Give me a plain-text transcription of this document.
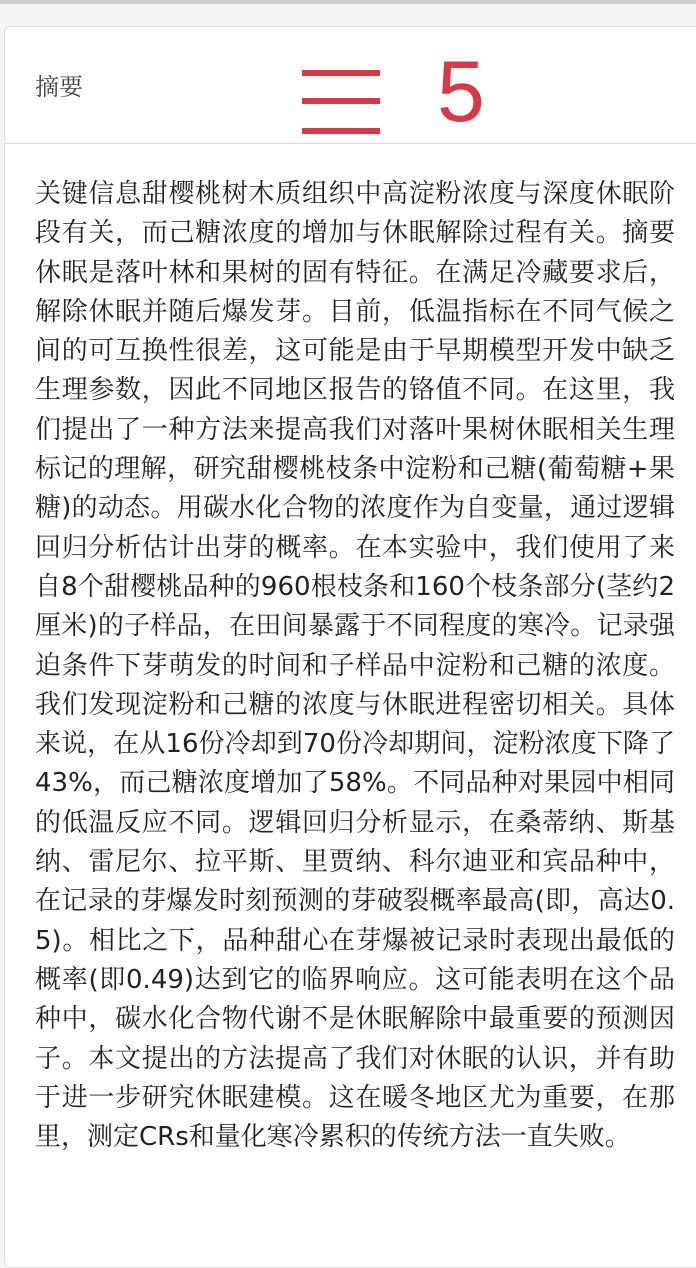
摘要	5
关键信息甜樱桃树木质组织中高淀粉浓度与深度休眠阶段有关，而己糖浓度的增加与休眠解除过程有关。摘要休眠是落叶林和果树的固有特征。在满足冷藏要求后，解除休眠并随后爆发芽。目前，低温指标在不同气候之间的可互换性很差，这可能是由于早期模型开发中缺乏生理参数，因此不同地区报告的铬值不同。在这里，我们提出了一种方法来提高我们对落叶果树休眠相关生理标记的理解，研究甜樱桃枝条中淀粉和己糖(葡萄糖+果糖)的动态。用碳水化合物的浓度作为自变量，通过逻辑回归分析估计出芽的概率。在本实验中，我们使用了来自8个甜樱桃品种的960根枝条和160个枝条部分(茎约2厘米)的子样品，在田间暴露于不同程度的寒冷。记录强迫条件下芽萌发的时间和子样品中淀粉和己糖的浓度。我们发现淀粉和己糖的浓度与休眠进程密切相关。具体来说，在从16份冷却到70份冷却期间，淀粉浓度下降了43%，而己糖浓度增加了58%。不同品种对果园中相同的低温反应不同。逻辑回归分析显示，在桑蒂纳、斯基纳、雷尼尔、拉平斯、里贾纳、科尔迪亚和宾品种中，在记录的芽爆发时刻预测的芽破裂概率最高(即，高达0.5)。相比之下，品种甜心在芽爆被记录时表现出最低的概率(即0.49)达到它的临界响应。这可能表明在这个品种中，碳水化合物代谢不是休眠解除中最重要的预测因子。本文提出的方法提高了我们对休眠的认识，并有助于进一步研究休眠建模。这在暖冬地区尤为重要，在那里，测定CRs和量化寒冷累积的传统方法一直失败。
